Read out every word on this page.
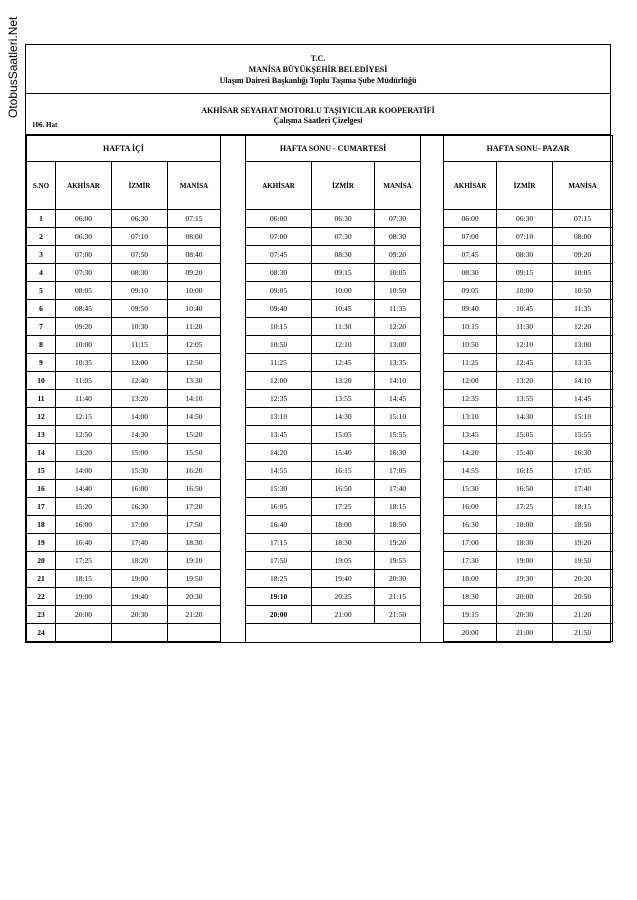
OtobusSaatleri.Net	T.C.
MANİSA BÜYÜKŞEHİR BELEDİYESİ
Ulaşım Dairesi Başkanlığı Toplu Taşıma Şube Müdürlüğü
AKHİSAR SEYAHAT MOTORLU TAŞIYICILAR KOOPERATİFİ
Çalışma Saatleri Çizelgesi
106. Hat
HAFTA İÇİ					HAFTA SONU - CUMARTESİ				HAFTA SONU- PAZAR		
S.NO	AKHİSAR	İZMİR	MANİSA		AKHİSAR	İZMİR	MANİSA		AKHİSAR	İZMİR	MANİSA
1	06:00	06:30	07:15		06:00	06:30	07:30		06:00	06:30	07:15
2	06:30	07:10	08:00		07:00	07:30	08:30		07:00	07:10	08:00
3	07:00	07:50	08:40		07:45	08:30	09:20		07:45	08:30	09:20
4	07:30	08:30	09:20		08:30	09:15	10:05		08:30	09:15	10:05
5	08:05	09:10	10:00		09:05	10:00	10:50		09:05	10:00	10:50
6	08:45	09:50	10:40		09:40	10:45	11:35		09:40	10:45	11:35
7	09:20	10:30	11:20		10:15	11:30	12:20		10:15	11:30	12:20
8	10:00	11:15	12:05		10:50	12:10	13:00		10:50	12:10	13:00
9	10:35	12:00	12:50		11:25	12:45	13:35		11:25	12:45	13:35
10	11:05	12:40	13:30		12:00	13:20	14:10		12:00	13:20	14:10
11	11:40	13:20	14:10		12:35	13:55	14:45		12:35	13:55	14:45
12	12:15	14:00	14:50		13:10	14:30	15:10		13:10	14:30	15:10
13	12:50	14:30	15:20		13:45	15:05	15:55		13:45	15:05	15:55
14	13:20	15:00	15:50		14:20	15:40	16:30		14:20	15:40	16:30
15	14:00	15:30	16:20		14:55	16:15	17:05		14:55	16:15	17:05
16	14:40	16:00	16:50		15:30	16:50	17:40		15:30	16:50	17:40
17	15:20	16:30	17:20		16:05	17:25	18:15		16:00	17:25	18:15
18	16:00	17:00	17:50		16:40	18:00	18:50		16:30	18:00	18:50
19	16:40	17:40	18:30		17:15	18:30	19:20		17:00	18:30	19:20
20	17:25	18:20	19:10		17:50	19:05	19:55		17:30	19:00	19:50
21	18:15	19:00	19:50		18:25	19:40	20:30		18:00	19:30	20:20
22	19:00	19:40	20:30		19:10	20:25	21:15		18:30	20:00	20:50
23	20:00	20:30	21:20		20:00	21:00	21:50		19:15	20:30	21:20
24									20:00	21:00	21:50
